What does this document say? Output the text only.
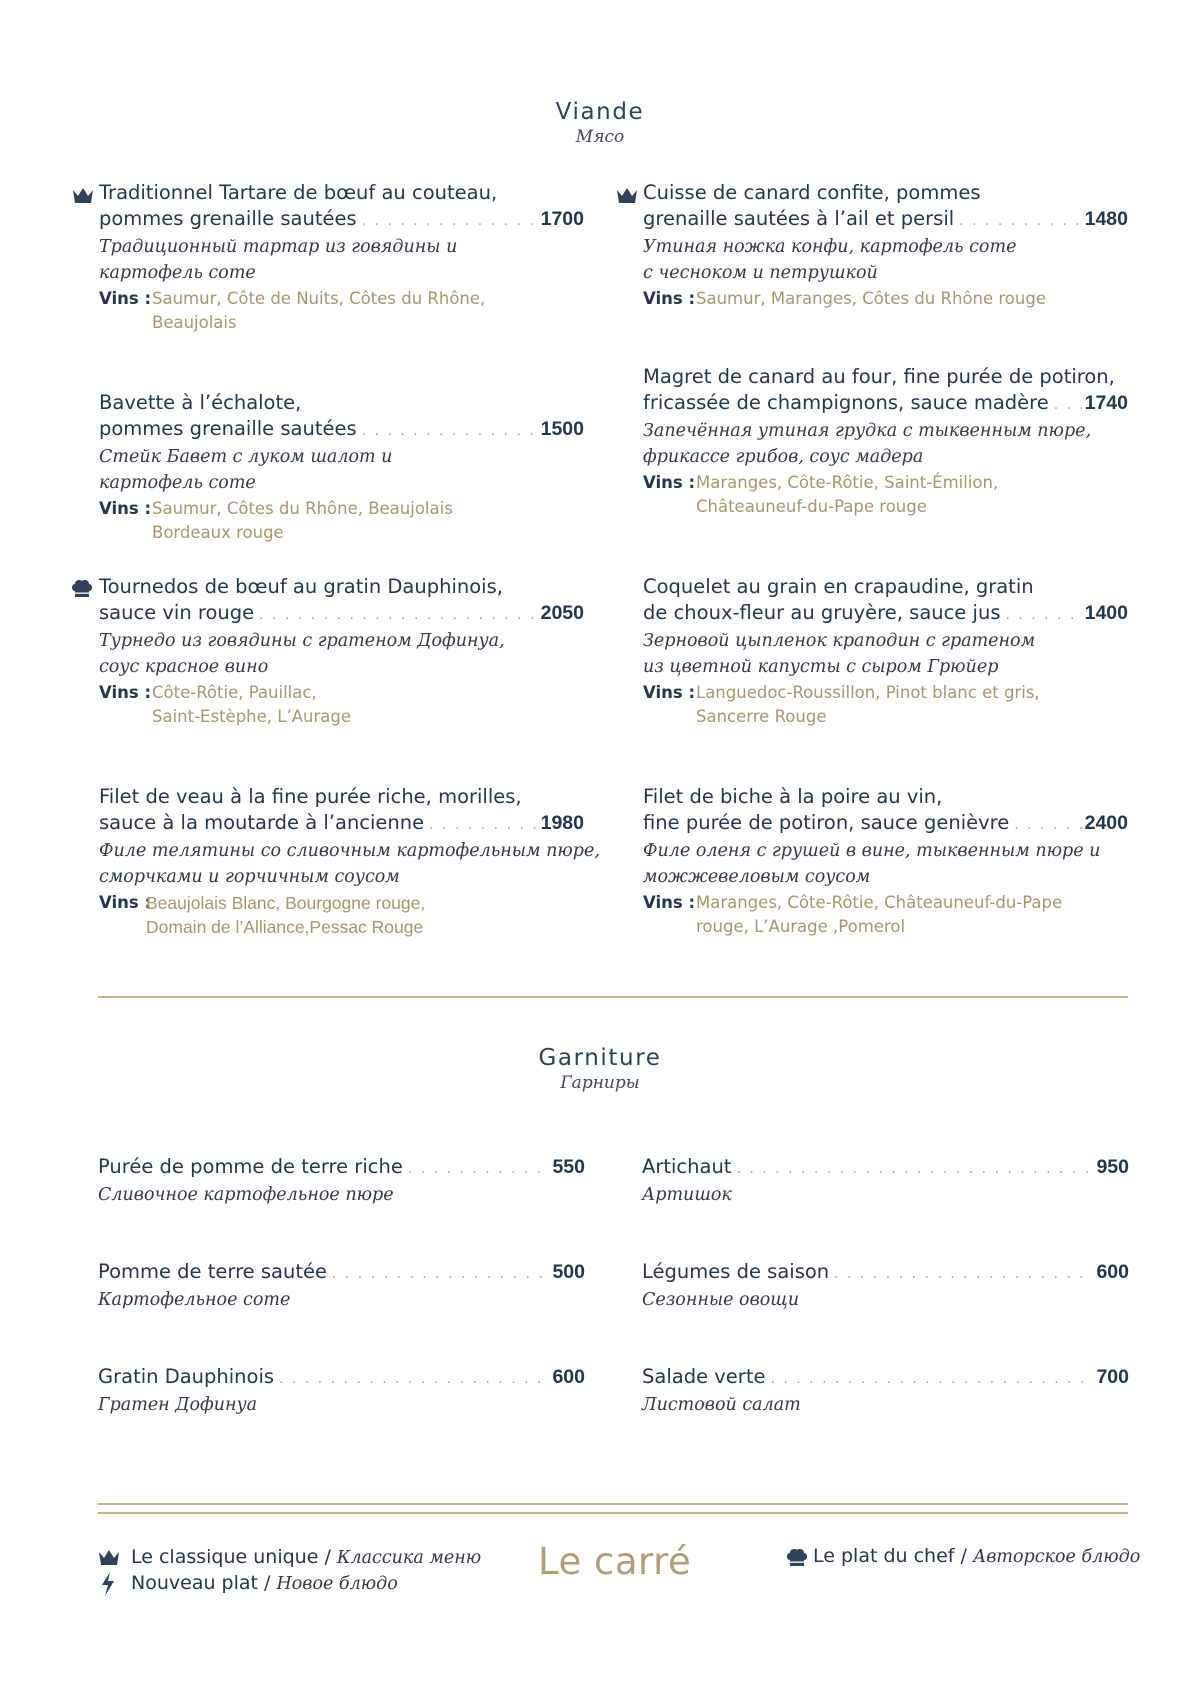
Viande
Мясо
Traditionnel Tartare de bœuf au couteau,
pommes grenaille sautées . . .	1700
Традиционный тартар из говядины и
картофель соте
Vins : Saumur, Côte de Nuits, Côtes du Rhône,
Beaujolais
Cuisse de canard confite, pommes
grenaille sautées à l’ail et persil . . .	1480
Утиная ножка конфи, картофель соте
с чесноком и петрушкой
Vins : Saumur, Maranges, Côtes du Rhône rouge
Bavette à l’échalote,
pommes grenaille sautées . . .	1500
Стейк Бавет с луком шалот и
картофель соте
Vins : Saumur, Côtes du Rhône, Beaujolais
Bordeaux rouge
Magret de canard au four, fine purée de potiron,
fricassée de champignons, sauce madère . . . 1740
Запечённая утиная грудка с тыквенным пюре,
фрикассе грибов, соус мадера
Vins : Maranges, Côte-Rôtie, Saint-Émilion,
Châteauneuf-du-Pape rouge
Tournedos de bœuf au gratin Dauphinois,
sauce vin rouge . . .	2050
Турнедо из говядины с гратеном Дофинуа,
соус красное вино
Vins : Côte-Rôtie, Pauillac,
Saint-Estèphe, L’Aurage
Coquelet au grain en crapaudine, gratin
de choux-fleur au gruyère, sauce jus . . .	1400
Зерновой цыпленок краподин с гратеном
из цветной капусты с сыром Грюйер
Vins : Languedoc-Roussillon, Pinot blanc et gris,
Sancerre Rouge
Filet de veau à la fine purée riche, morilles,
sauce à la moutarde à l’ancienne . . .	1980
Филе телятины со сливочным картофельным пюре,
сморчками и горчичным соусом
Vins :
Beaujolais Blanc, Bourgogne rouge,
Domain de l’Alliance,Pessac Rouge
Filet de biche à la poire au vin,
fine purée de potiron, sauce genièvre . . .	2400
Филе оленя с грушей в вине, тыквенным пюре и
можжевеловым соусом
Vins : Maranges, Côte-Rôtie, Châteauneuf-du-Pape
rouge, L’Aurage ,Pomerol
Garniture
Гарниры
Purée de pomme de terre riche . . .	550
Сливочное картофельное пюре
Artichaut . . .	950
Артишок
Pomme de terre sautée . . .	500
Картофельное соте
Légumes de saison . . .	600
Сезонные овощи
Gratin Dauphinois . . .	600
Гратен Дофинуа
Salade verte . . .	700
Листовой салат
Le classique unique / Классика меню
Nouveau plat / Новое блюдо
Le carré	Le plat du chef / Авторское блюдо
